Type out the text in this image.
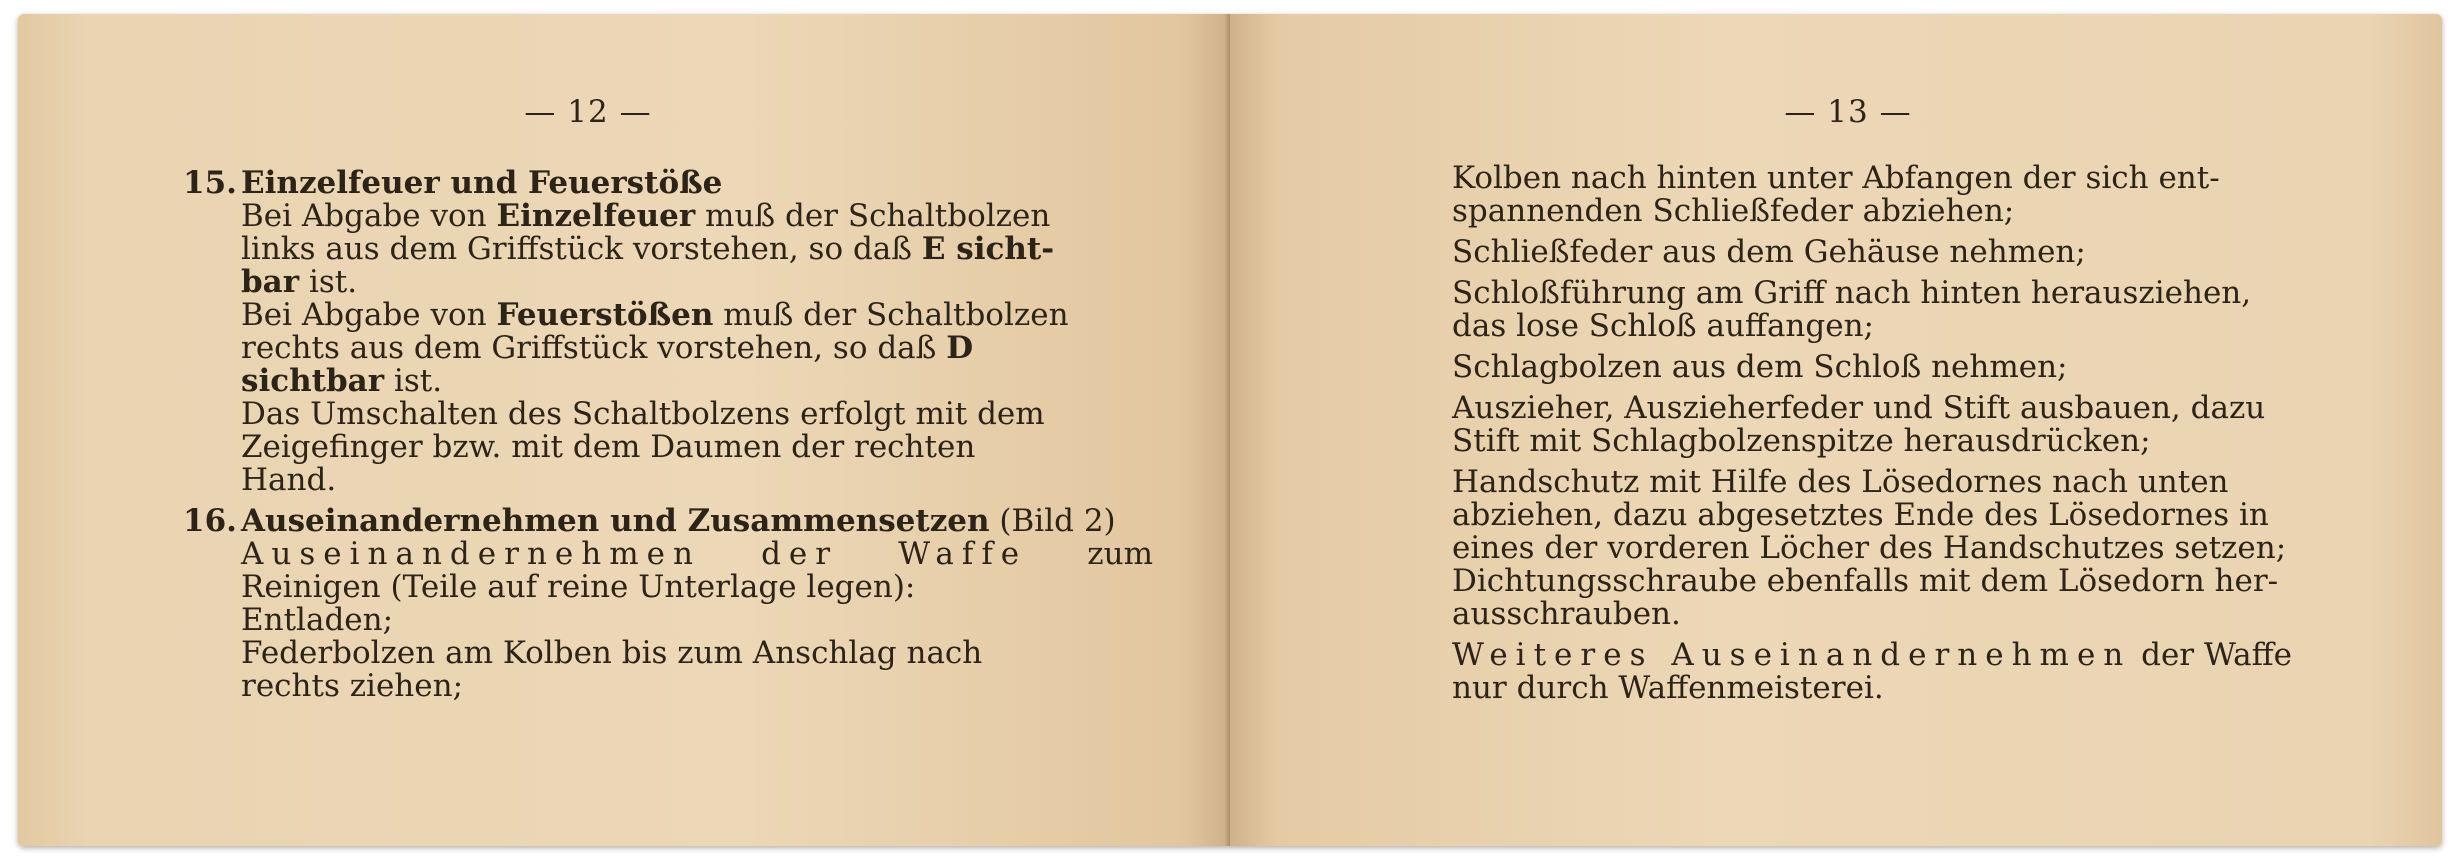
— 12 —
15. Einzelfeuer und Feuerstöße
Bei Abgabe von Einzelfeuer muß der Schaltbolzen
links aus dem Griffstück vorstehen, so daß E sicht-
bar ist.
Bei Abgabe von Feuerstößen muß der Schaltbolzen
rechts aus dem Griffstück vorstehen, so daß D
sichtbar ist.
Das Umschalten des Schaltbolzens erfolgt mit dem
Zeigefinger bzw. mit dem Daumen der rechten
Hand.
16. Auseinandernehmen und Zusammensetzen (Bild 2)
Auseinandernehmen der Waffe zum
Reinigen (Teile auf reine Unterlage legen):
Entladen;
Federbolzen am Kolben bis zum Anschlag nach
rechts ziehen;
— 13 —
Kolben nach hinten unter Abfangen der sich ent-
spannenden Schließfeder abziehen;
Schließfeder aus dem Gehäuse nehmen;
Schloßführung am Griff nach hinten herausziehen,
das lose Schloß auffangen;
Schlagbolzen aus dem Schloß nehmen;
Auszieher, Auszieherfeder und Stift ausbauen, dazu
Stift mit Schlagbolzenspitze herausdrücken;
Handschutz mit Hilfe des Lösedornes nach unten
abziehen, dazu abgesetztes Ende des Lösedornes in
eines der vorderen Löcher des Handschutzes setzen;
Dichtungsschraube ebenfalls mit dem Lösedorn her-
ausschrauben.
Weiteres Auseinandernehmen der Waffe
nur durch Waffenmeisterei.
